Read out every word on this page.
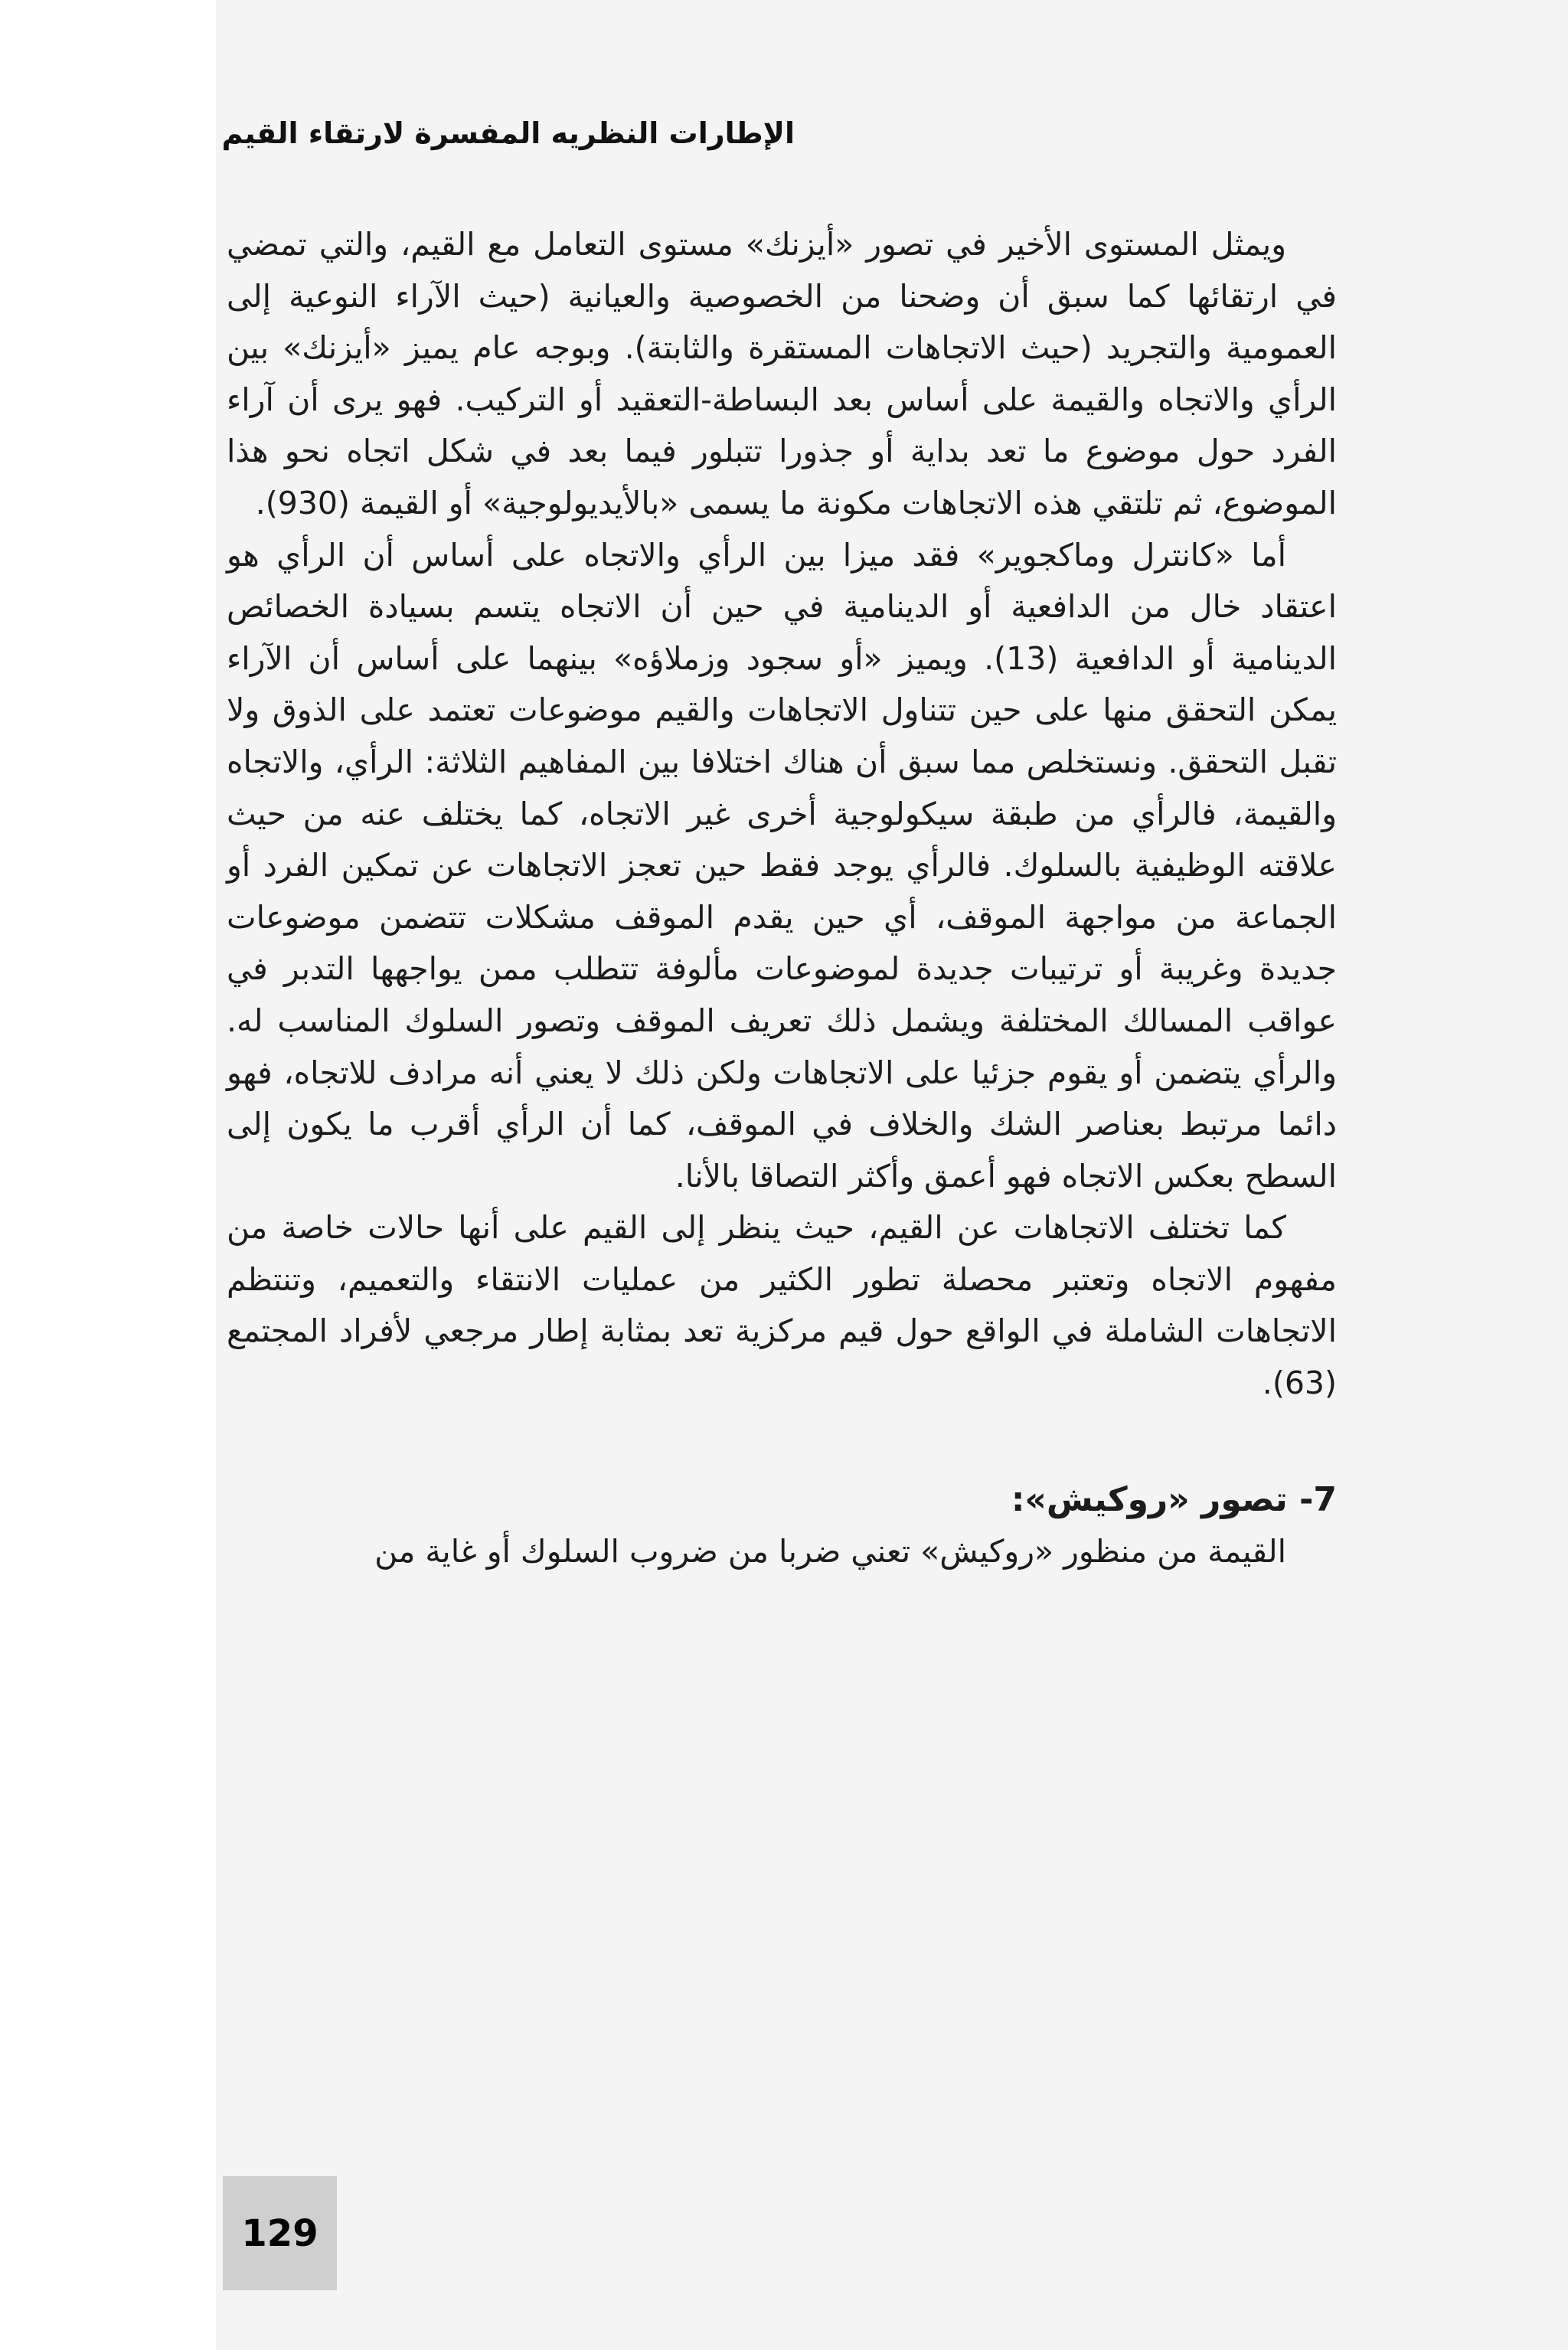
الإطارات النظريه المفسرة لارتقاء القيم

ويمثل المستوى الأخير في تصور «أيزنك» مستوى التعامل مع القيم، والتي تمضي في ارتقائها كما سبق أن وضحنا من الخصوصية والعيانية (حيث الآراء النوعية إلى العمومية والتجريد (حيث الاتجاهات المستقرة والثابتة). وبوجه عام يميز «أيزنك» بين الرأي والاتجاه والقيمة على أساس بعد البساطة-التعقيد أو التركيب. فهو يرى أن آراء الفرد حول موضوع ما تعد بداية أو جذورا تتبلور فيما بعد في شكل اتجاه نحو هذا الموضوع، ثم تلتقي هذه الاتجاهات مكونة ما يسمى «بالأيديولوجية» أو القيمة (930).

أما «كانترل وماكجوير» فقد ميزا بين الرأي والاتجاه على أساس أن الرأي هو اعتقاد خال من الدافعية أو الدينامية في حين أن الاتجاه يتسم بسيادة الخصائص الدينامية أو الدافعية (13). ويميز «أو سجود وزملاؤه» بينهما على أساس أن الآراء يمكن التحقق منها على حين تتناول الاتجاهات والقيم موضوعات تعتمد على الذوق ولا تقبل التحقق. ونستخلص مما سبق أن هناك اختلافا بين المفاهيم الثلاثة: الرأي، والاتجاه والقيمة، فالرأي من طبقة سيكولوجية أخرى غير الاتجاه، كما يختلف عنه من حيث علاقته الوظيفية بالسلوك. فالرأي يوجد فقط حين تعجز الاتجاهات عن تمكين الفرد أو الجماعة من مواجهة الموقف، أي حين يقدم الموقف مشكلات تتضمن موضوعات جديدة وغريبة أو ترتيبات جديدة لموضوعات مألوفة تتطلب ممن يواجهها التدبر في عواقب المسالك المختلفة ويشمل ذلك تعريف الموقف وتصور السلوك المناسب له. والرأي يتضمن أو يقوم جزئيا على الاتجاهات ولكن ذلك لا يعني أنه مرادف للاتجاه، فهو دائما مرتبط بعناصر الشك والخلاف في الموقف، كما أن الرأي أقرب ما يكون إلى السطح بعكس الاتجاه فهو أعمق وأكثر التصاقا بالأنا.

كما تختلف الاتجاهات عن القيم، حيث ينظر إلى القيم على أنها حالات خاصة من مفهوم الاتجاه وتعتبر محصلة تطور الكثير من عمليات الانتقاء والتعميم، وتنتظم الاتجاهات الشاملة في الواقع حول قيم مركزية تعد بمثابة إطار مرجعي لأفراد المجتمع (63).

7- تصور «روكيش»:

القيمة من منظور «روكيش» تعني ضربا من ضروب السلوك أو غاية من

129
